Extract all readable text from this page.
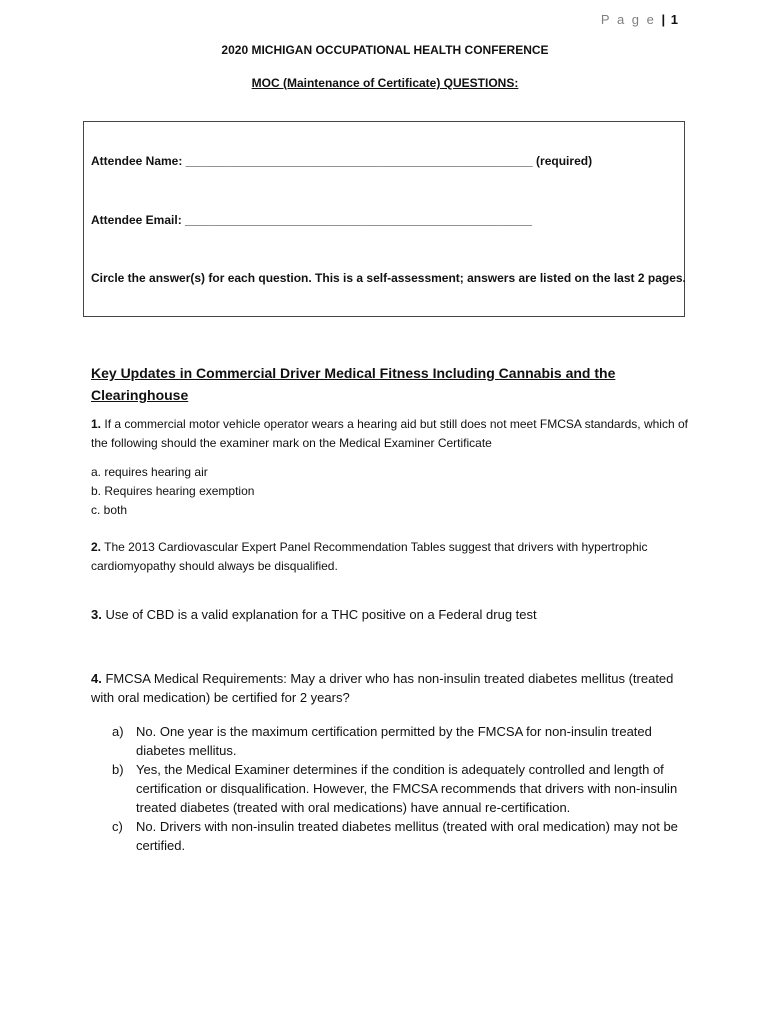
P a g e | 1
2020 MICHIGAN OCCUPATIONAL HEALTH CONFERENCE
MOC (Maintenance of Certificate) QUESTIONS:
Attendee Name: ____________________________________________________ (required)
Attendee Email: ____________________________________________________
Circle the answer(s) for each question. This is a self-assessment; answers are listed on the last 2 pages.
Key Updates in Commercial Driver Medical Fitness Including Cannabis and the Clearinghouse
1. If a commercial motor vehicle operator wears a hearing aid but still does not meet FMCSA standards, which of the following should the examiner mark on the Medical Examiner Certificate
a. requires hearing air
b. Requires hearing exemption
c. both
2. The 2013 Cardiovascular Expert Panel Recommendation Tables suggest that drivers with hypertrophic cardiomyopathy should always be disqualified.
3. Use of CBD is a valid explanation for a THC positive on a Federal drug test
4. FMCSA Medical Requirements: May a driver who has non-insulin treated diabetes mellitus (treated with oral medication) be certified for 2 years?
a) No. One year is the maximum certification permitted by the FMCSA for non-insulin treated diabetes mellitus.
b) Yes, the Medical Examiner determines if the condition is adequately controlled and length of certification or disqualification. However, the FMCSA recommends that drivers with non-insulin treated diabetes (treated with oral medications) have annual re-certification.
c)	No. Drivers with non-insulin treated diabetes mellitus (treated with oral medication) may not be certified.
